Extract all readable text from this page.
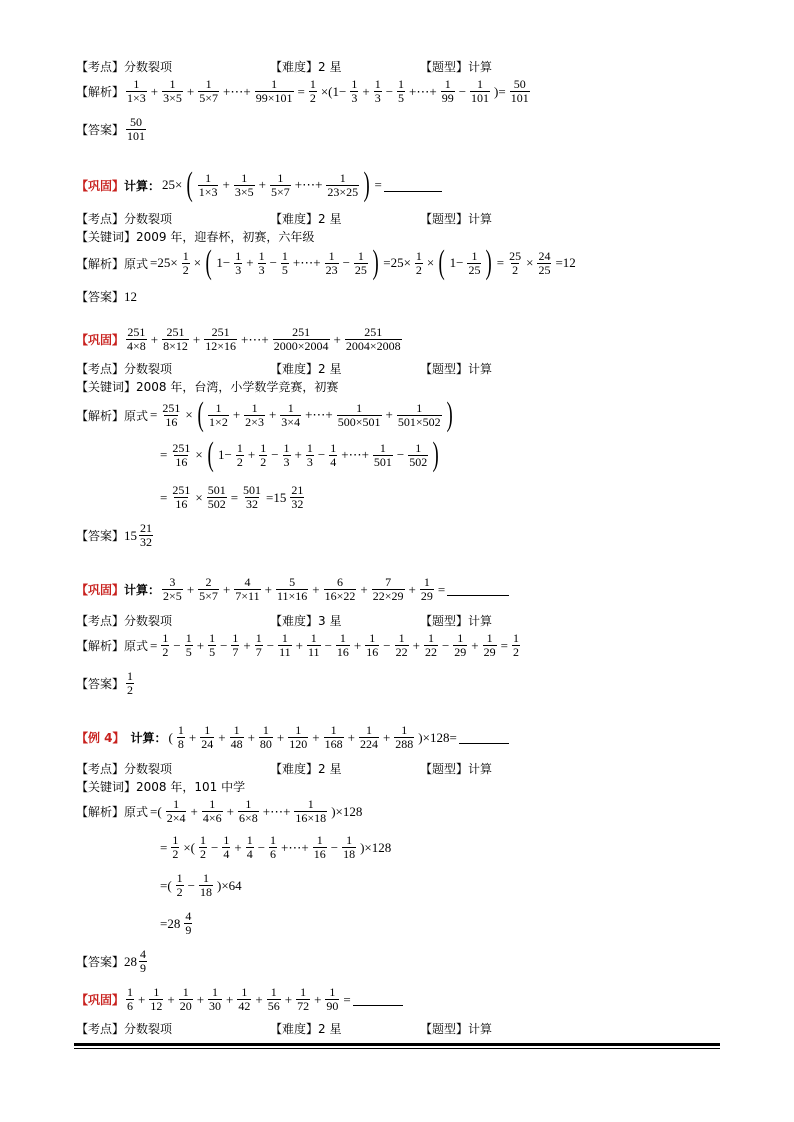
【考点】分数裂项	【难度】2 星	【题型】计算
【解析】 $\frac{1}{1\times 3} + \frac{1}{3\times 5} + \frac{1}{5\times 7}$ +⋯+ $\frac{1}{99\times 101} = \frac{1}{2} \times(1- \frac{1}{3} + \frac{1}{3} - \frac{1}{5}$ +⋯+ $\frac{1}{99} - \frac{1}{101}$ )= $\frac{50}{101}$
【答案】 $\frac{50}{101}$
【巩固】 计算： 25× ( $\frac{1}{1\times 3} + \frac{1}{3\times 5} + \frac{1}{5\times 7}$ +⋯+ $\frac{1}{23\times 25}$ ) =
【考点】分数裂项	【难度】2 星	【题型】计算
【关键词】2009 年，迎春杯，初赛，六年级
【解析】 原式 $=25\times \frac{1}{2}$ × ( $1- \frac{1}{3} + \frac{1}{3} - \frac{1}{5}$ +⋯+ $\frac{1}{23} - \frac{1}{25}$ ) $=25\times \frac{1}{2}$ × ( $1- \frac{1}{25}$ ) = $\frac{25}{2} \times \frac{24}{25} =12$
【答案】 12
【巩固】 $\frac{251}{4\times 8} + \frac{251}{8\times 12} + \frac{251}{12\times 16}$ +⋯+ $\frac{251}{2000\times 2004} + \frac{251}{2004\times 2008}$
【考点】分数裂项	【难度】2 星	【题型】计算
【关键词】2008 年，台湾，小学数学竞赛，初赛
【解析】 原式 = $\frac{251}{16}$ × ( $\frac{1}{1\times 2} + \frac{1}{2\times 3} + \frac{1}{3\times 4}$ +⋯+ $\frac{1}{500\times 501} + \frac{1}{501\times 502}$ )
= $\frac{251}{16}$ × ( $1- \frac{1}{2} + \frac{1}{2} - \frac{1}{3} + \frac{1}{3} - \frac{1}{4}$ +⋯+ $\frac{1}{501} - \frac{1}{502}$ )
= $\frac{251}{16} \times \frac{501}{502} = \frac{501}{32} =15 \frac{21}{32}$
【答案】 $15 \frac{21}{32}$
【巩固】 计算： $\frac{3}{2\times 5} + \frac{2}{5\times 7} + \frac{4}{7\times 11} + \frac{5}{11\times 16} + \frac{6}{16\times 22} + \frac{7}{22\times 29} + \frac{1}{29}$ =
【考点】分数裂项	【难度】3 星	【题型】计算
【解析】 原式 = $\frac{1}{2} - \frac{1}{5} + \frac{1}{5} - \frac{1}{7} + \frac{1}{7} - \frac{1}{11} + \frac{1}{11} - \frac{1}{16} + \frac{1}{16} - \frac{1}{22} + \frac{1}{22} - \frac{1}{29} + \frac{1}{29} = \frac{1}{2}$
【答案】 $\frac{1}{2}$
【例 4】 计算： ( $\frac{1}{8} + \frac{1}{24} + \frac{1}{48} + \frac{1}{80} + \frac{1}{120} + \frac{1}{168} + \frac{1}{224} + \frac{1}{288} )\times 128=$
【考点】分数裂项	【难度】2 星	【题型】计算
【关键词】2008 年，101 中学
【解析】 原式 =( $\frac{1}{2\times 4} + \frac{1}{4\times 6} + \frac{1}{6\times 8}$ +⋯+ $\frac{1}{16\times 18} )\times 128$
= $\frac{1}{2}$ ×( $\frac{1}{2} - \frac{1}{4} + \frac{1}{4} - \frac{1}{6}$ +⋯+ $\frac{1}{16} - \frac{1}{18} )\times 128$
=( $\frac{1}{2} - \frac{1}{18} )\times 64$
$=28 \frac{4}{9}$
【答案】 $28 \frac{4}{9}$
【巩固】 $\frac{1}{6} + \frac{1}{12} + \frac{1}{20} + \frac{1}{30} + \frac{1}{42} + \frac{1}{56} + \frac{1}{72} + \frac{1}{90}$ =
【考点】分数裂项	【难度】2 星	【题型】计算
